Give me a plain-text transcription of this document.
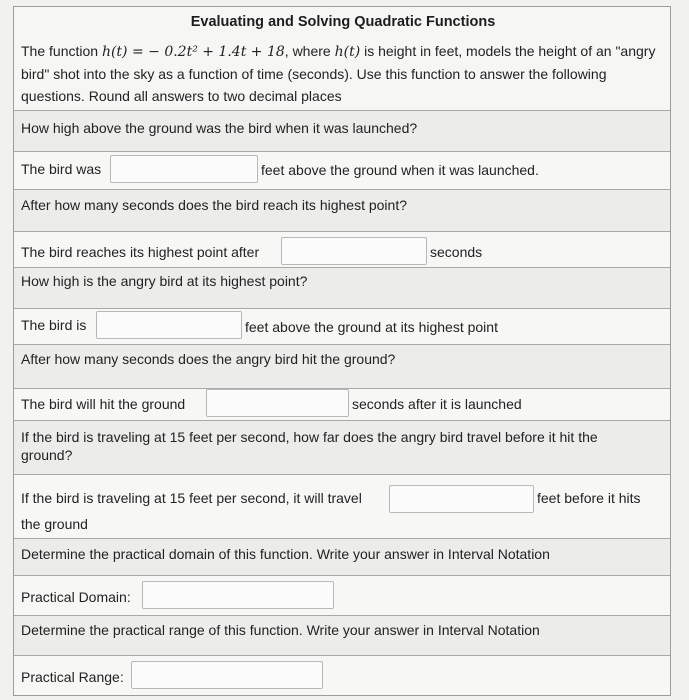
Evaluating and Solving Quadratic Functions
The function h(t) = − 0.2t² + 1.4t + 18, where h(t) is height in feet, models the height of an "angry bird" shot into the sky as a function of time (seconds). Use this function to answer the following questions. Round all answers to two decimal places
How high above the ground was the bird when it was launched?
The bird was	feet above the ground when it was launched.
After how many seconds does the bird reach its highest point?
The bird reaches its highest point after	seconds
How high is the angry bird at its highest point?
The bird is	feet above the ground at its highest point
After how many seconds does the angry bird hit the ground?
The bird will hit the ground	seconds after it is launched
If the bird is traveling at 15 feet per second, how far does the angry bird travel before it hit the
ground?
If the bird is traveling at 15 feet per second, it will travel	feet before it hits
the ground
Determine the practical domain of this function. Write your answer in Interval Notation
Practical Domain:
Determine the practical range of this function. Write your answer in Interval Notation
Practical Range:
